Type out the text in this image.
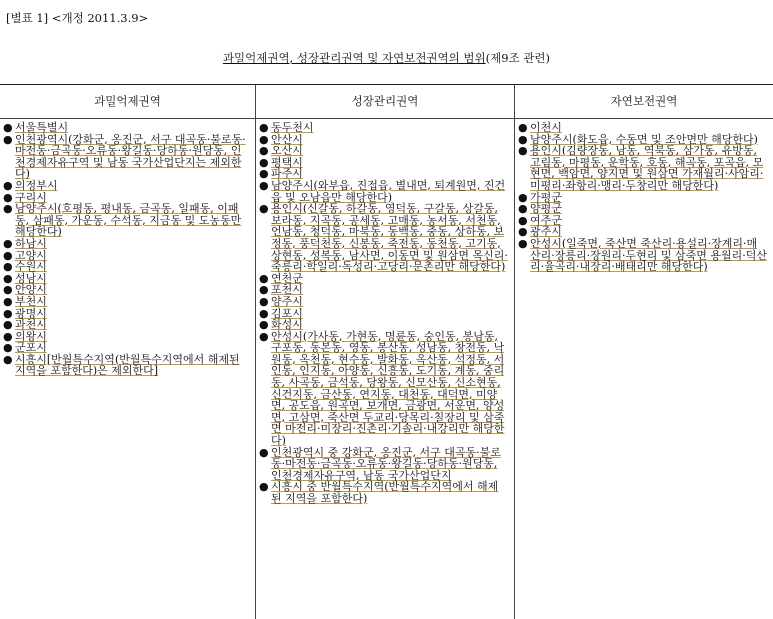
[별표 1] <개정 2011.3.9>
과밀억제권역, 성장관리권역 및 자연보전권역의 범위(제9조 관련)
과밀억제권역
● 서울특별시
● 인천광역시(강화군, 옹진군, 서구 대곡동·불로동·마전동·금곡동·오류동·왕길동·당하동·원당동, 인천경제자유구역 및 남동 국가산업단지는 제외한다)
● 의정부시
● 구리시
● 남양주시(호평동, 평내동, 금곡동, 일패동, 이패동, 삼패동, 가운동, 수석동, 지금동 및 도농동만 해당한다)
● 하남시
● 고양시
● 수원시
● 성남시
● 안양시
● 부천시
● 광명시
● 과천시
● 의왕시
● 군포시
● 시흥시[반월특수지역(반월특수지역에서 해제된 지역을 포함한다)은 제외한다]
성장관리권역
● 동두천시
● 안산시
● 오산시
● 평택시
● 파주시
● 남양주시(와부읍, 진접읍, 별내면, 퇴계원면, 진건읍 및 오남읍만 해당한다)
● 용인시(신갈동, 하갈동, 영덕동, 구갈동, 상갈동, 보라동, 지곡동, 공세동, 고매동, 농서동, 서천동, 언남동, 청덕동, 마북동, 동백동, 중동, 상하동, 보정동, 풍덕천동, 신봉동, 죽전동, 동천동, 고기동, 상현동, 성복동, 남사면, 이동면 및 원삼면 목신리·죽릉리·학일리·독성리·고당리·문촌리만 해당한다)
● 연천군
● 포천시
● 양주시
● 김포시
● 화성시
● 안성시(가사동, 가현동, 명륜동, 숭인동, 봉남동, 구포동, 동본동, 영동, 봉산동, 성남동, 창전동, 낙원동, 옥천동, 현수동, 발화동, 옥산동, 석정동, 서인동, 인지동, 아양동, 신흥동, 도기동, 계동, 중리동, 사곡동, 금석동, 당왕동, 신모산동, 신소현동, 신건지동, 금산동, 연지동, 대천동, 대덕면, 미양면, 공도읍, 원곡면, 보개면, 금광면, 서운면, 양성면, 고삼면, 죽산면 두교리·당목리·칠장리 및 삼죽면 마전리·미장리·진촌리·기솔리·내강리만 해당한다)
● 인천광역시 중 강화군, 옹진군, 서구 대곡동·불로동·마전동·금곡동·오류동·왕길동·당하동·원당동, 인천경제자유구역, 남동 국가산업단지
● 시흥시 중 반월특수지역(반월특수지역에서 해제된 지역을 포함한다)
자연보전권역
● 이천시
● 남양주시(화도읍, 수동면 및 조안면만 해당한다)
● 용인시(김량장동, 남동, 역북동, 삼가동, 유방동, 고림동, 마평동, 운학동, 호동, 해곡동, 포곡읍, 모현면, 백암면, 양지면 및 원삼면 가재월리·사암리·미평리·좌항리·맹리·두창리만 해당한다)
● 가평군
● 양평군
● 여주군
● 광주시
● 안성시(일죽면, 죽산면 죽산리·용설리·장계리·매산리·장릉리·장원리·두현리 및 삼죽면 용월리·덕산리·율곡리·내장리·배태리만 해당한다)
